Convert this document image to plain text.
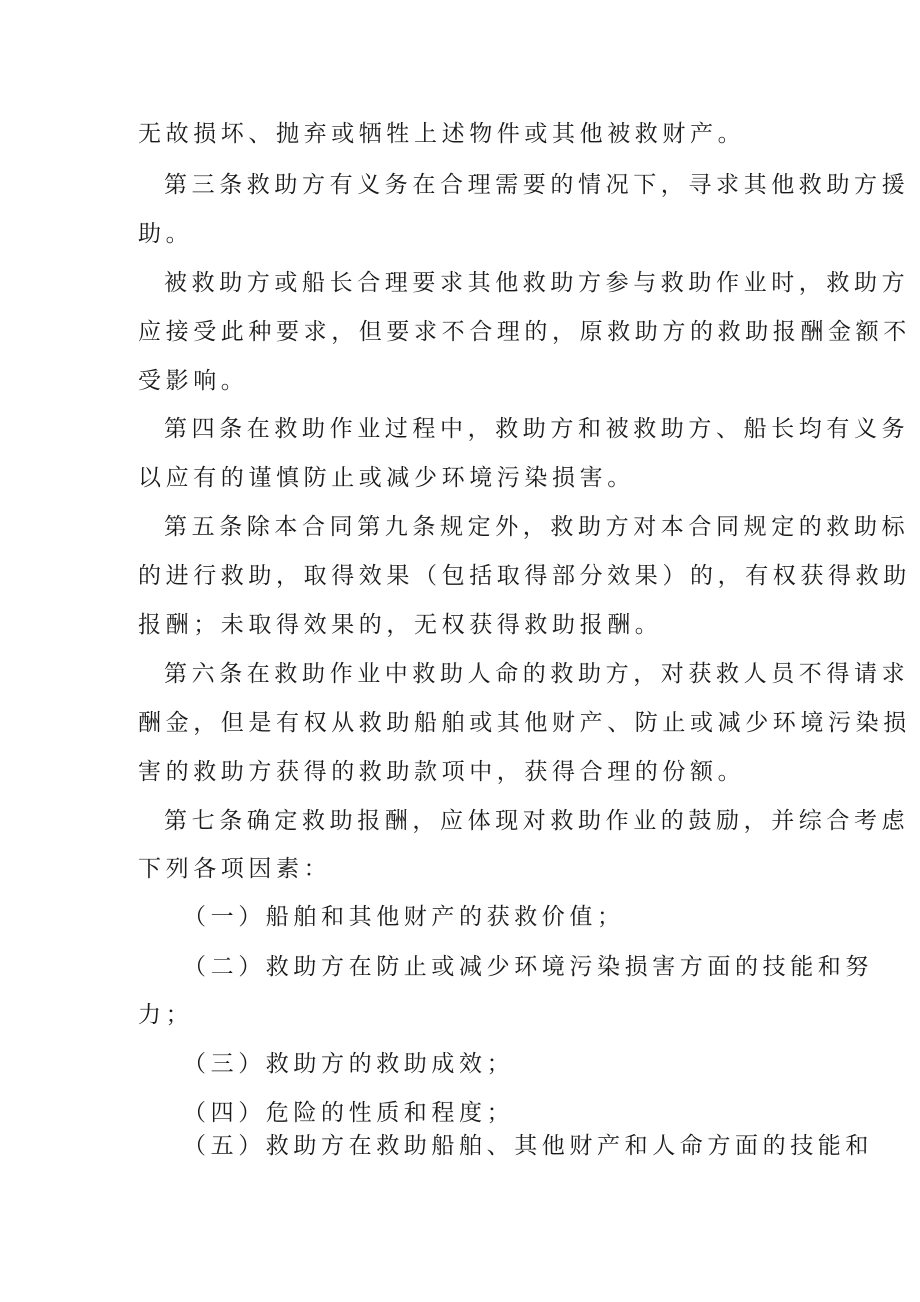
无故损坏、抛弃或牺牲上述物件或其他被救财产。
第三条救助方有义务在合理需要的情况下，寻求其他救助方援
助。
被救助方或船长合理要求其他救助方参与救助作业时，救助方
应接受此种要求，但要求不合理的，原救助方的救助报酬金额不
受影响。
第四条在救助作业过程中，救助方和被救助方、船长均有义务
以应有的谨慎防止或减少环境污染损害。
第五条除本合同第九条规定外，救助方对本合同规定的救助标
的进行救助，取得效果（包括取得部分效果）的，有权获得救助
报酬；未取得效果的，无权获得救助报酬。
第六条在救助作业中救助人命的救助方，对获救人员不得请求
酬金，但是有权从救助船舶或其他财产、防止或减少环境污染损
害的救助方获得的救助款项中，获得合理的份额。
第七条确定救助报酬，应体现对救助作业的鼓励，并综合考虑
下列各项因素：
（一）船舶和其他财产的获救价值；
（二）救助方在防止或减少环境污染损害方面的技能和努
力；
（三）救助方的救助成效；
（四）危险的性质和程度；
（五）救助方在救助船舶、其他财产和人命方面的技能和
